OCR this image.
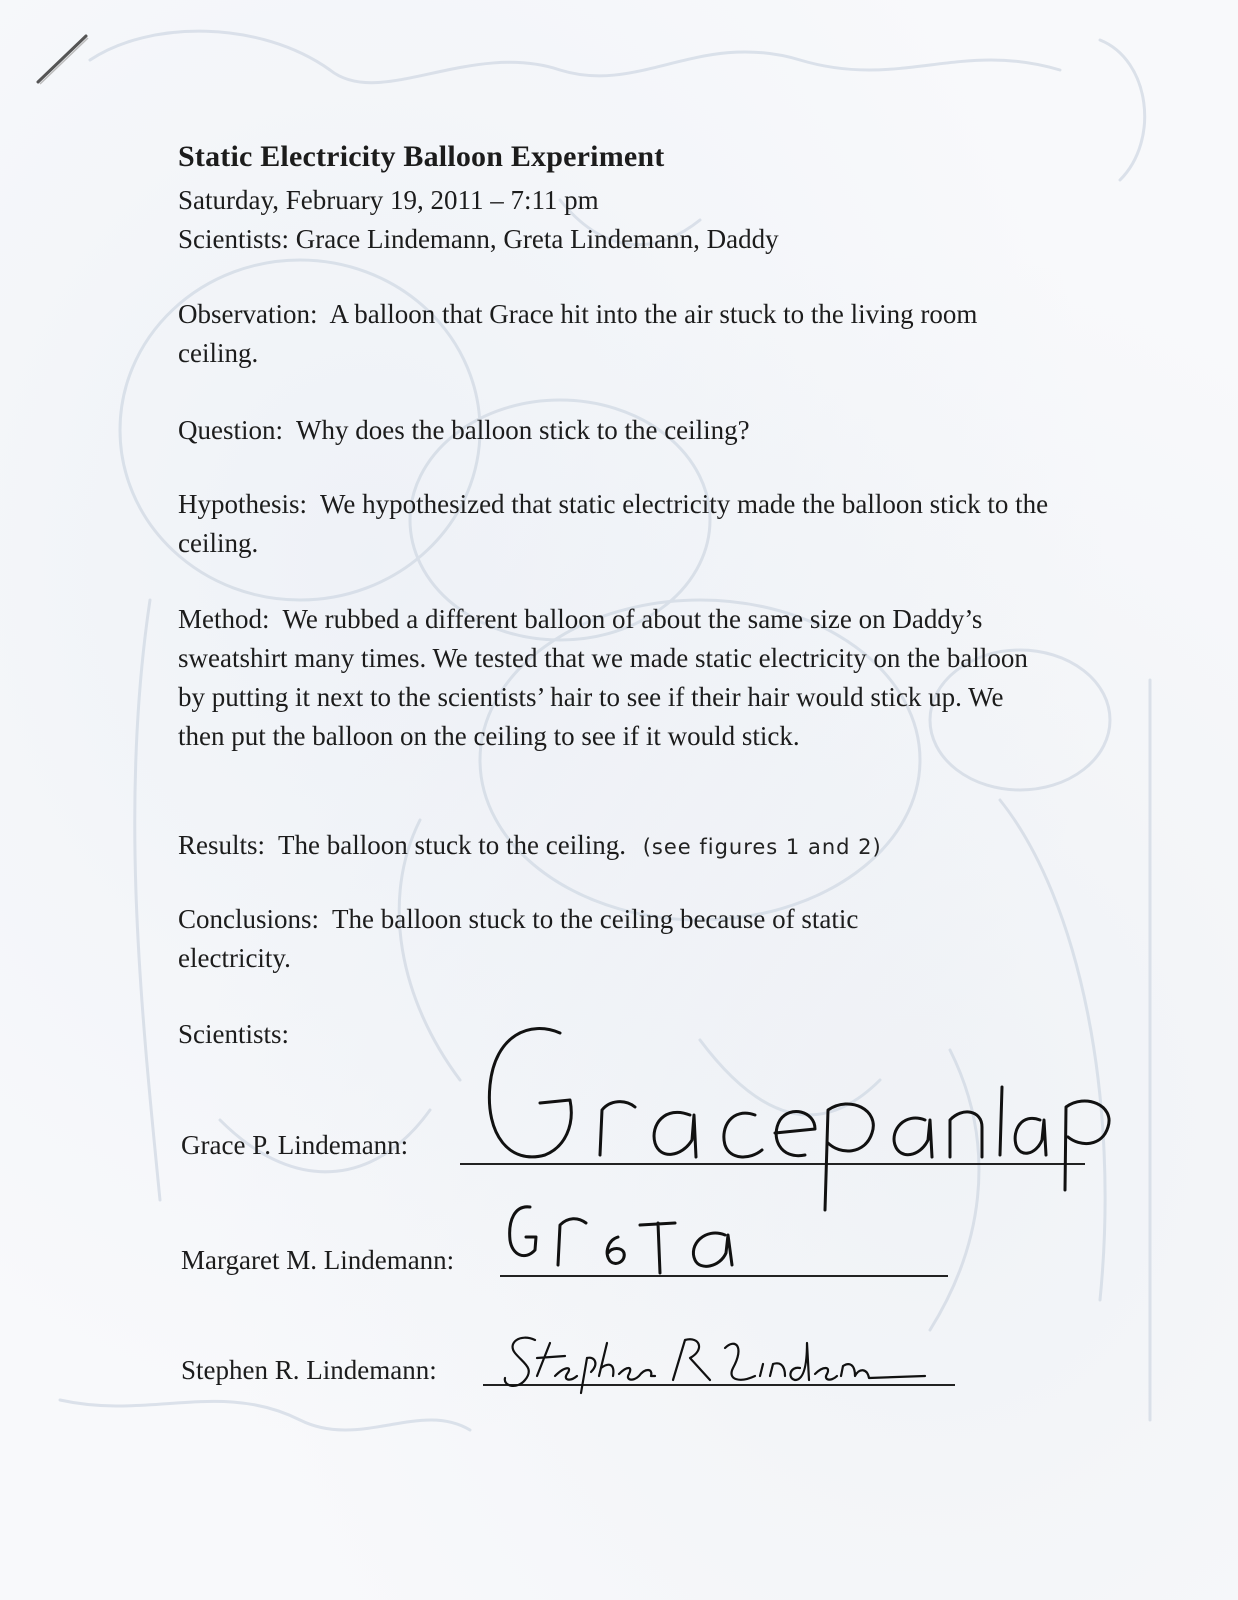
Static Electricity Balloon Experiment
Saturday, February 19, 2011 – 7:11 pm
Scientists: Grace Lindemann, Greta Lindemann, Daddy
Observation: A balloon that Grace hit into the air stuck to the living room ceiling.
Question: Why does the balloon stick to the ceiling?
Hypothesis: We hypothesized that static electricity made the balloon stick to the ceiling.
Method: We rubbed a different balloon of about the same size on Daddy’s sweatshirt many times. We tested that we made static electricity on the balloon by putting it next to the scientists’ hair to see if their hair would stick up. We then put the balloon on the ceiling to see if it would stick.
Results: The balloon stuck to the ceiling. (see figures 1 and 2)
Conclusions: The balloon stuck to the ceiling because of static electricity.
Scientists:
Grace P. Lindemann:
Margaret M. Lindemann:
Stephen R. Lindemann:
